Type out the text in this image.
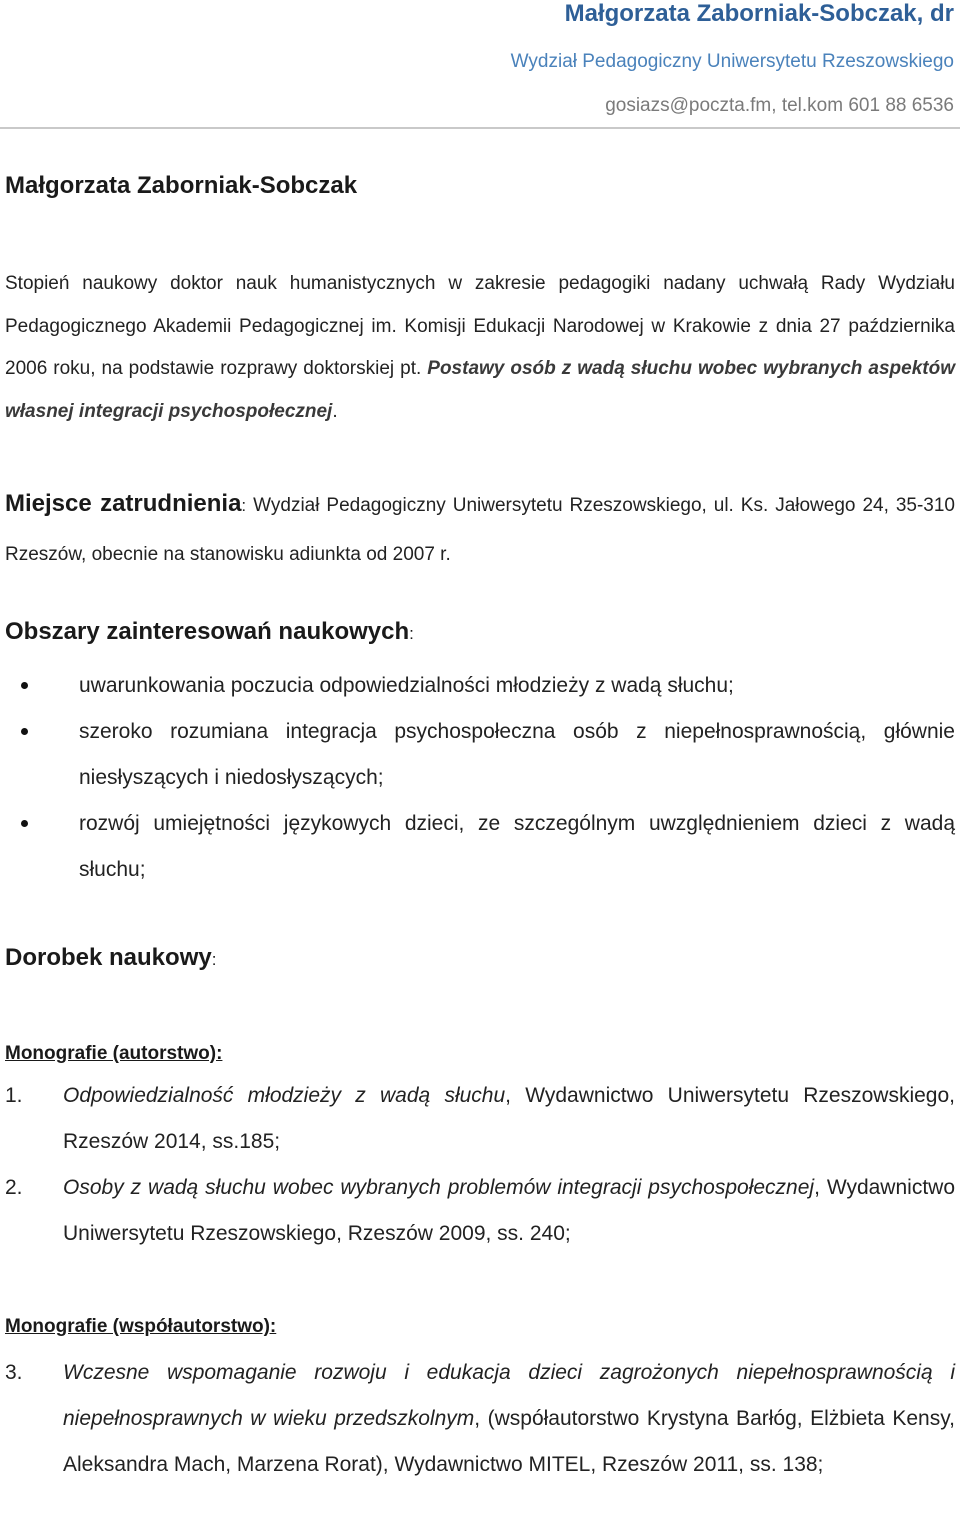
Małgorzata Zaborniak-Sobczak, dr
Wydział Pedagogiczny Uniwersytetu Rzeszowskiego
gosiazs@poczta.fm, tel.kom 601 88 6536
Małgorzata Zaborniak-Sobczak
Stopień naukowy doktor nauk humanistycznych w zakresie pedagogiki nadany uchwałą Rady Wydziału Pedagogicznego Akademii Pedagogicznej im. Komisji Edukacji Narodowej w Krakowie z dnia 27 października 2006 roku, na podstawie rozprawy doktorskiej pt. Postawy osób z wadą słuchu wobec wybranych aspektów własnej integracji psychospołecznej.
Miejsce zatrudnienia: Wydział Pedagogiczny Uniwersytetu Rzeszowskiego, ul. Ks. Jałowego 24, 35-310 Rzeszów, obecnie na stanowisku adiunkta od 2007 r.
Obszary zainteresowań naukowych:
uwarunkowania poczucia odpowiedzialności młodzieży z wadą słuchu;
szeroko rozumiana integracja psychospołeczna osób z niepełnosprawnością, głównie niesłyszących i niedosłyszących;
rozwój umiejętności językowych dzieci, ze szczególnym uwzględnieniem dzieci z wadą słuchu;
Dorobek naukowy:
Monografie (autorstwo):
1. Odpowiedzialność młodzieży z wadą słuchu, Wydawnictwo Uniwersytetu Rzeszowskiego, Rzeszów 2014, ss.185;
2. Osoby z wadą słuchu wobec wybranych problemów integracji psychospołecznej, Wydawnictwo Uniwersytetu Rzeszowskiego, Rzeszów 2009, ss. 240;
Monografie (współautorstwo):
3. Wczesne wspomaganie rozwoju i edukacja dzieci zagrożonych niepełnosprawnością i niepełnosprawnych w wieku przedszkolnym, (współautorstwo Krystyna Barłóg, Elżbieta Kensy, Aleksandra Mach, Marzena Rorat), Wydawnictwo MITEL, Rzeszów 2011, ss. 138;
